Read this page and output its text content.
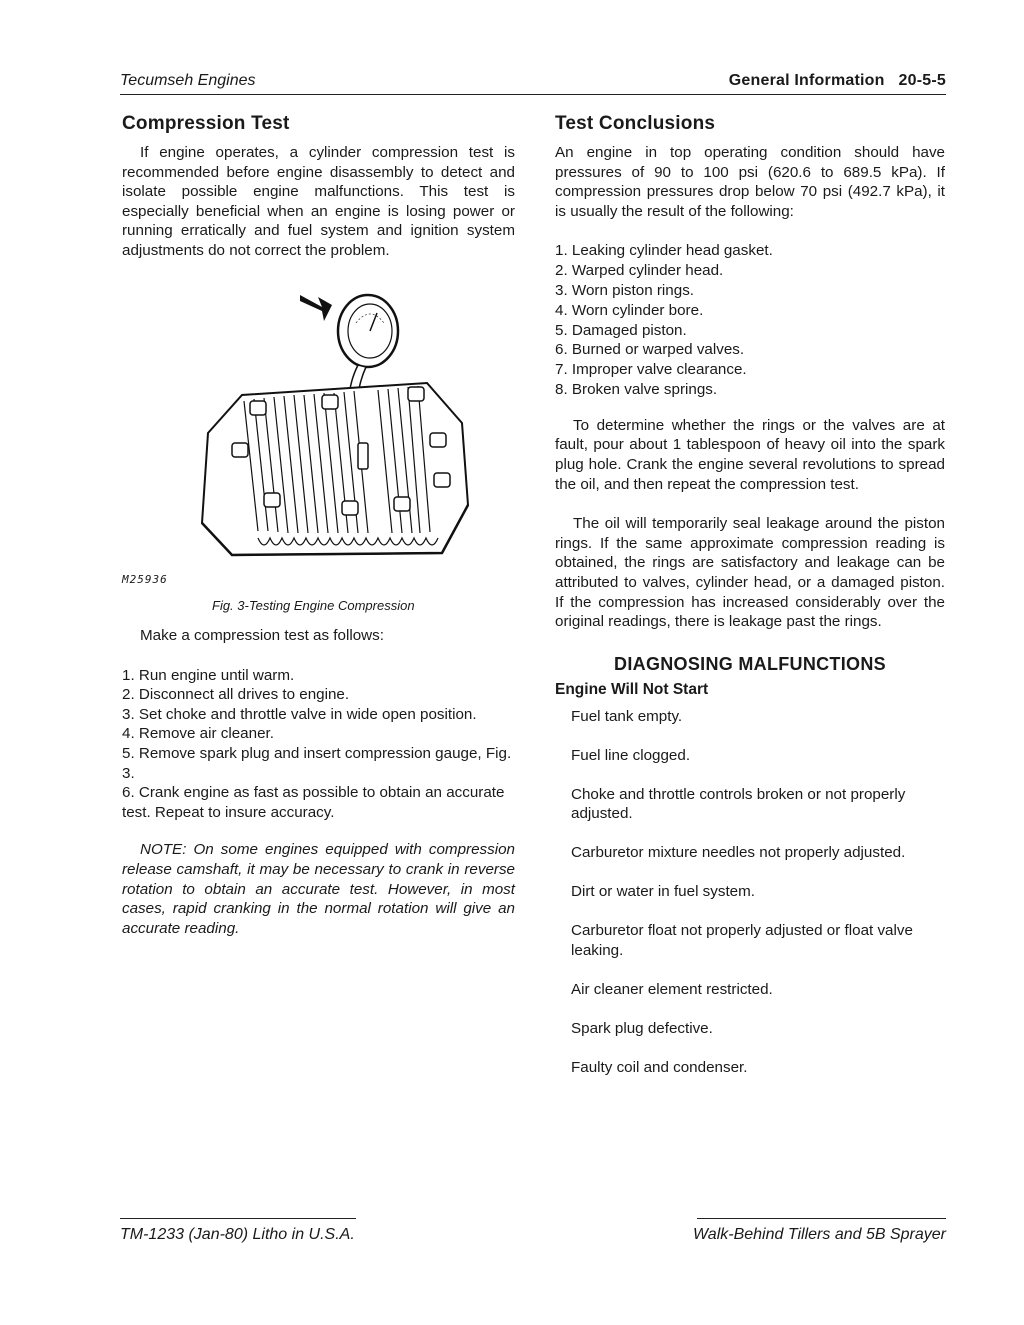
Tecumseh Engines	General Information   20-5-5
Compression Test

If engine operates, a cylinder compression test is recommended before engine disassembly to detect and isolate possible engine malfunctions. This test is especially beneficial when an engine is losing power or running erratically and fuel system and ignition system adjustments do not correct the problem.

M25936
Fig. 3-Testing Engine Compression

Make a compression test as follows:

1. Run engine until warm.
2. Disconnect all drives to engine.
3. Set choke and throttle valve in wide open position.
4. Remove air cleaner.
5. Remove spark plug and insert compression gauge, Fig. 3.
6. Crank engine as fast as possible to obtain an accurate test. Repeat to insure accuracy.

NOTE: On some engines equipped with compression release camshaft, it may be necessary to crank in reverse rotation to obtain an accurate test. However, in most cases, rapid cranking in the normal rotation will give an accurate reading.

Test Conclusions

An engine in top operating condition should have pressures of 90 to 100 psi (620.6 to 689.5 kPa). If compression pressures drop below 70 psi (492.7 kPa), it is usually the result of the following:

1. Leaking cylinder head gasket.
2. Warped cylinder head.
3. Worn piston rings.
4. Worn cylinder bore.
5. Damaged piston.
6. Burned or warped valves.
7. Improper valve clearance.
8. Broken valve springs.

To determine whether the rings or the valves are at fault, pour about 1 tablespoon of heavy oil into the spark plug hole. Crank the engine several revolutions to spread the oil, and then repeat the compression test.

The oil will temporarily seal leakage around the piston rings. If the same approximate compression reading is obtained, the rings are satisfactory and leakage can be attributed to valves, cylinder head, or a damaged piston. If the compression has increased considerably over the original readings, there is leakage past the rings.

DIAGNOSING MALFUNCTIONS
Engine Will Not Start

Fuel tank empty.

Fuel line clogged.

Choke and throttle controls broken or not properly adjusted.

Carburetor mixture needles not properly adjusted.

Dirt or water in fuel system.

Carburetor float not properly adjusted or float valve leaking.

Air cleaner element restricted.

Spark plug defective.

Faulty coil and condenser.

TM-1233 (Jan-80) Litho in U.S.A.	Walk-Behind Tillers and 5B Sprayer
